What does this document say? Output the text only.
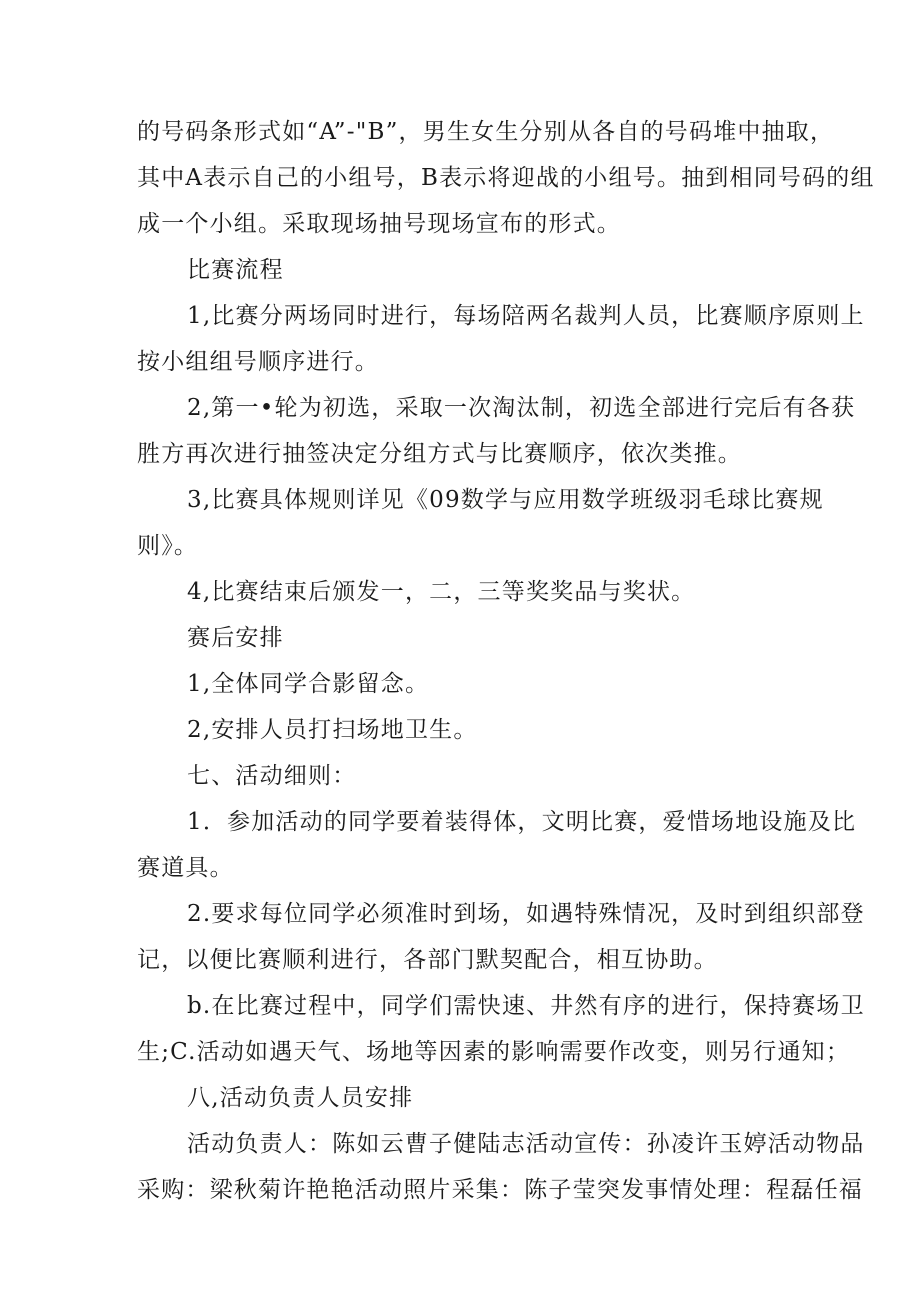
的号码条形式如“A”-"B”，男生女生分别从各自的号码堆中抽取，
其中A表示自己的小组号，B表示将迎战的小组号。抽到相同号码的组
成一个小组。采取现场抽号现场宣布的形式。
比赛流程
1,比赛分两场同时进行，每场陪两名裁判人员，比赛顺序原则上
按小组组号顺序进行。
2,第一•轮为初选，采取一次淘汰制，初选全部进行完后有各获
胜方再次进行抽签决定分组方式与比赛顺序，依次类推。
3,比赛具体规则详见《09数学与应用数学班级羽毛球比赛规
则》。
4,比赛结束后颁发一，二，三等奖奖品与奖状。
赛后安排
1,全体同学合影留念。
2,安排人员打扫场地卫生。
七、活动细则：
1．参加活动的同学要着装得体，文明比赛，爱惜场地设施及比
赛道具。
2.要求每位同学必须准时到场，如遇特殊情况，及时到组织部登
记，以便比赛顺利进行，各部门默契配合，相互协助。
b.在比赛过程中，同学们需快速、井然有序的进行，保持赛场卫
生;C.活动如遇天气、场地等因素的影响需要作改变，则另行通知；
八,活动负责人员安排
活动负责人：陈如云曹子健陆志活动宣传：孙凌许玉婷活动物品
采购：梁秋菊许艳艳活动照片采集：陈子莹突发事情处理：程磊任福
